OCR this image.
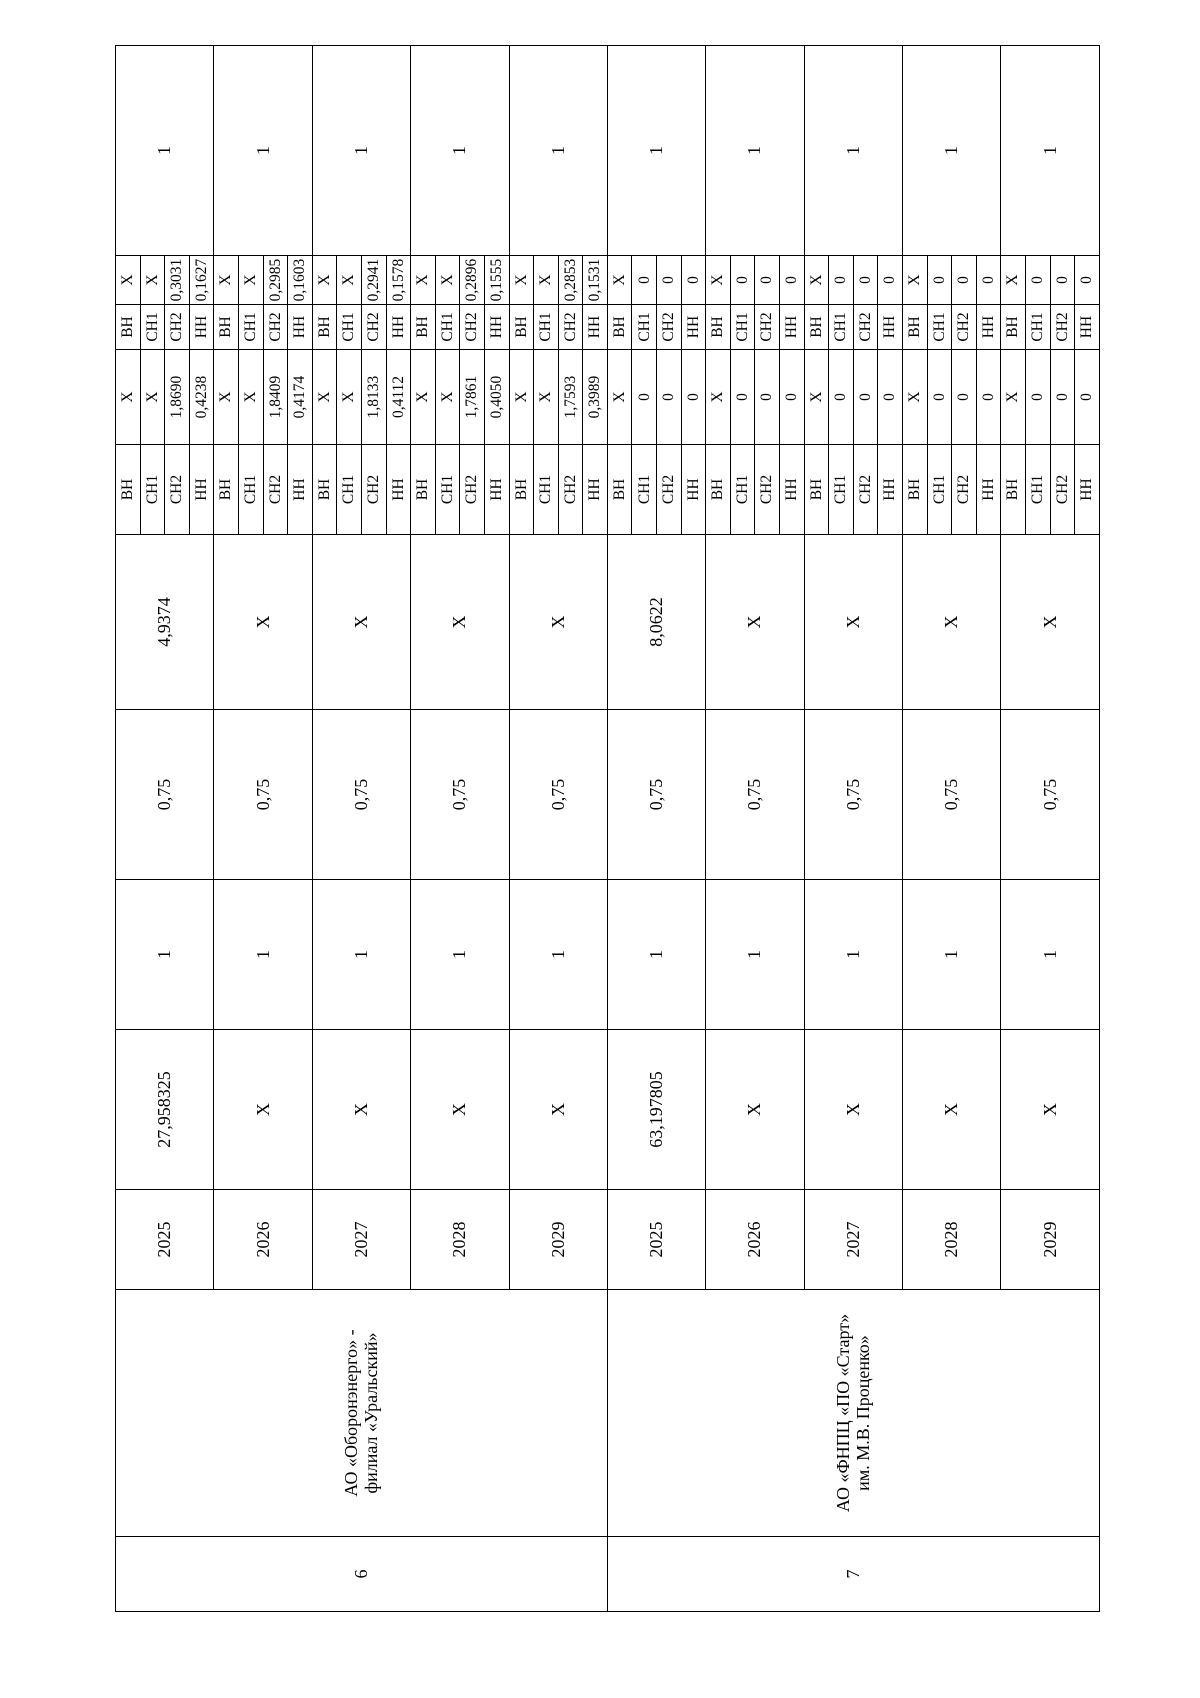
6	АО «Оборонэнерго» - филиал «Уральский»	2025	27,958325	1	0,75	4,9374	ВН	X	ВН	X	1
							СН1	X	СН1	X	
							СН2	1,8690	СН2	0,3031	
							НН	0,4238	НН	0,1627	
		2026	X	1	0,75	X	ВН	X	ВН	X	1
							СН1	X	СН1	X	
							СН2	1,8409	СН2	0,2985	
							НН	0,4174	НН	0,1603	
		2027	X	1	0,75	X	ВН	X	ВН	X	1
							СН1	X	СН1	X	
							СН2	1,8133	СН2	0,2941	
							НН	0,4112	НН	0,1578	
		2028	X	1	0,75	X	ВН	X	ВН	X	1
							СН1	X	СН1	X	
							СН2	1,7861	СН2	0,2896	
							НН	0,4050	НН	0,1555	
		2029	X	1	0,75	X	ВН	X	ВН	X	1
							СН1	X	СН1	X	
							СН2	1,7593	СН2	0,2853	
							НН	0,3989	НН	0,1531	
7	АО «ФНПЦ «ПО «Старт» им. М.В. Проценко»	2025	63,197805	1	0,75	8,0622	ВН	X	ВН	X	1
							СН1	0	СН1	0	
							СН2	0	СН2	0	
							НН	0	НН	0	
		2026	X	1	0,75	X	ВН	X	ВН	X	1
							СН1	0	СН1	0	
							СН2	0	СН2	0	
							НН	0	НН	0	
		2027	X	1	0,75	X	ВН	X	ВН	X	1
							СН1	0	СН1	0	
							СН2	0	СН2	0	
							НН	0	НН	0	
		2028	X	1	0,75	X	ВН	X	ВН	X	1
							СН1	0	СН1	0	
							СН2	0	СН2	0	
							НН	0	НН	0	
		2029	X	1	0,75	X	ВН	X	ВН	X	1
							СН1	0	СН1	0	
							СН2	0	СН2	0	
							НН	0	НН	0	
